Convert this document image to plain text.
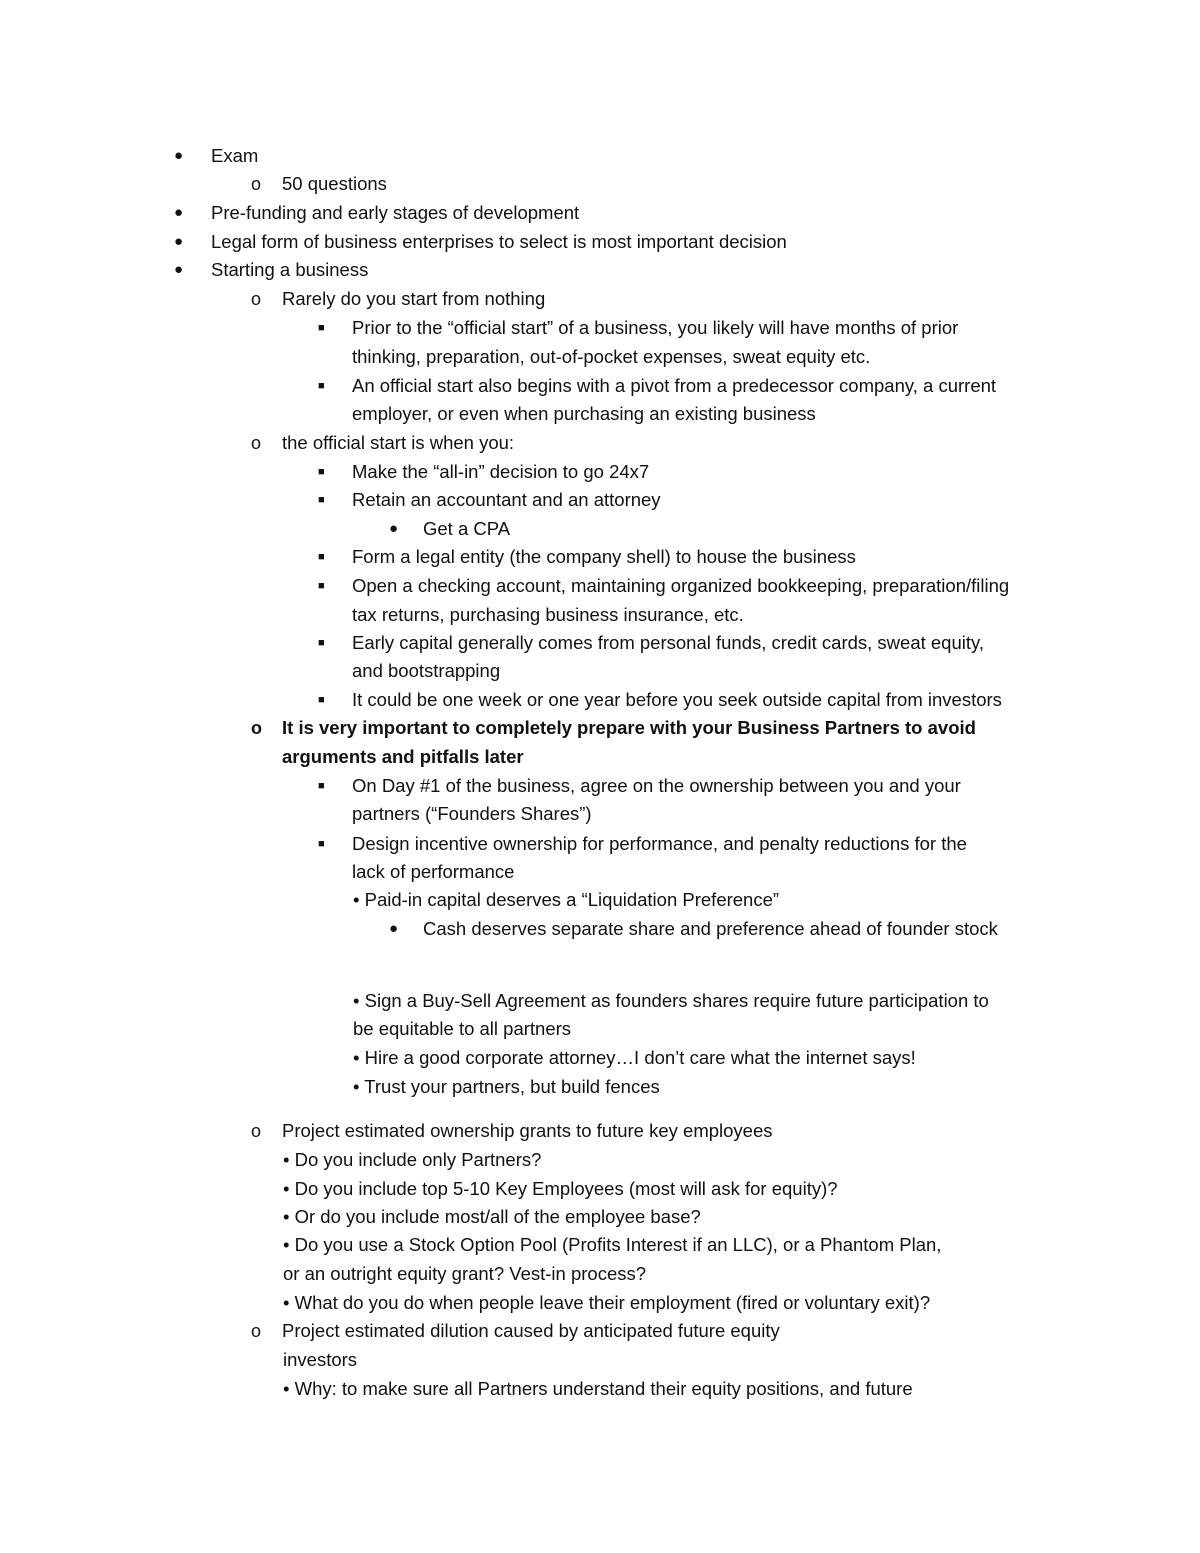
● Exam
o 50 questions
● Pre-funding and early stages of development
● Legal form of business enterprises to select is most important decision
● Starting a business
o Rarely do you start from nothing
■ Prior to the “official start” of a business, you likely will have months of prior
thinking, preparation, out-of-pocket expenses, sweat equity etc.
■ An official start also begins with a pivot from a predecessor company, a current
employer, or even when purchasing an existing business
o the official start is when you:
■ Make the “all-in” decision to go 24x7
■ Retain an accountant and an attorney
● Get a CPA
■ Form a legal entity (the company shell) to house the business
■ Open a checking account, maintaining organized bookkeeping, preparation/filing
tax returns, purchasing business insurance, etc.
■ Early capital generally comes from personal funds, credit cards, sweat equity,
and bootstrapping
■ It could be one week or one year before you seek outside capital from investors
o It is very important to completely prepare with your Business Partners to avoid
arguments and pitfalls later
■ On Day #1 of the business, agree on the ownership between you and your
partners (“Founders Shares”)
■ Design incentive ownership for performance, and penalty reductions for the
lack of performance
• Paid-in capital deserves a “Liquidation Preference”
● Cash deserves separate share and preference ahead of founder stock
• Sign a Buy-Sell Agreement as founders shares require future participation to
be equitable to all partners
• Hire a good corporate attorney…I don’t care what the internet says!
• Trust your partners, but build fences
o Project estimated ownership grants to future key employees
• Do you include only Partners?
• Do you include top 5-10 Key Employees (most will ask for equity)?
• Or do you include most/all of the employee base?
• Do you use a Stock Option Pool (Profits Interest if an LLC), or a Phantom Plan,
or an outright equity grant? Vest-in process?
• What do you do when people leave their employment (fired or voluntary exit)?
o Project estimated dilution caused by anticipated future equity
investors
• Why: to make sure all Partners understand their equity positions, and future
